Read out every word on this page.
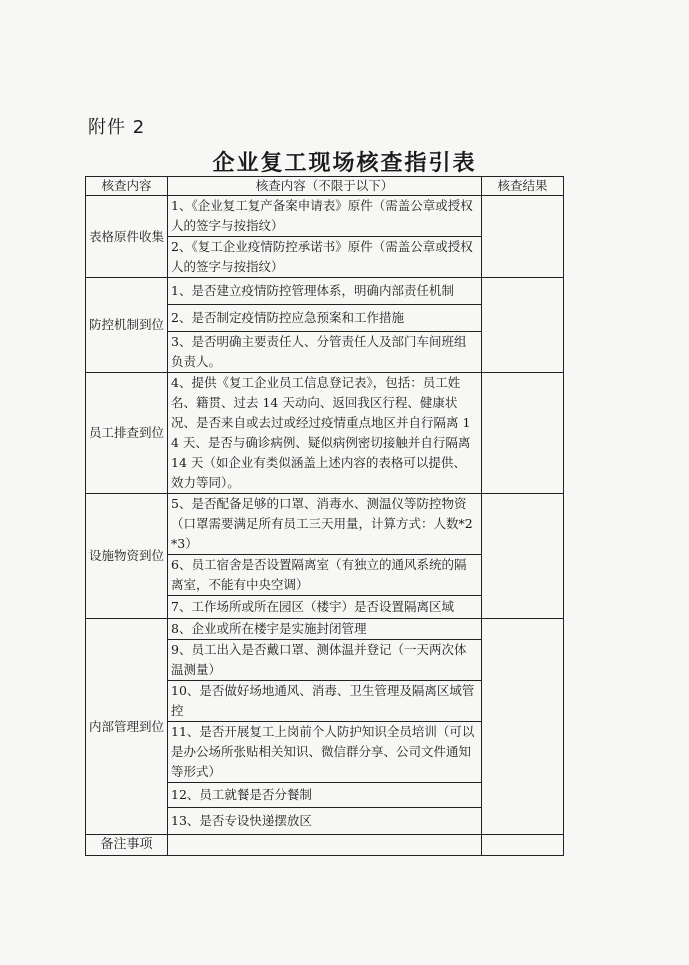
附件 2
企业复工现场核查指引表
核查内容	核查内容（不限于以下）	核查结果
表格原件收集	1、《企业复工复产备案申请表》原件（需盖公章或授权人的签字与按指纹）	
	2、《复工企业疫情防控承诺书》原件（需盖公章或授权人的签字与按指纹）	
防控机制到位	1、是否建立疫情防控管理体系，明确内部责任机制	
	2、是否制定疫情防控应急预案和工作措施	
	3、是否明确主要责任人、分管责任人及部门车间班组负责人。	
员工排查到位	4、提供《复工企业员工信息登记表》，包括：员工姓名、籍贯、过去 14 天动向、返回我区行程、健康状况、是否来自或去过或经过疫情重点地区并自行隔离 14 天、是否与确诊病例、疑似病例密切接触并自行隔离 14 天（如企业有类似涵盖上述内容的表格可以提供、效力等同）。	
设施物资到位	5、是否配备足够的口罩、消毒水、测温仪等防控物资（口罩需要满足所有员工三天用量，计算方式：人数*2*3）	
	6、员工宿舍是否设置隔离室（有独立的通风系统的隔离室，不能有中央空调）	
	7、工作场所或所在园区（楼宇）是否设置隔离区域	
内部管理到位	8、企业或所在楼宇是实施封闭管理	
	9、员工出入是否戴口罩、测体温并登记（一天两次体温测量）	
	10、是否做好场地通风、消毒、卫生管理及隔离区域管控	
	11、是否开展复工上岗前个人防护知识全员培训（可以是办公场所张贴相关知识、微信群分享、公司文件通知等形式）	
	12、员工就餐是否分餐制	
	13、是否专设快递摆放区	
备注事项		
